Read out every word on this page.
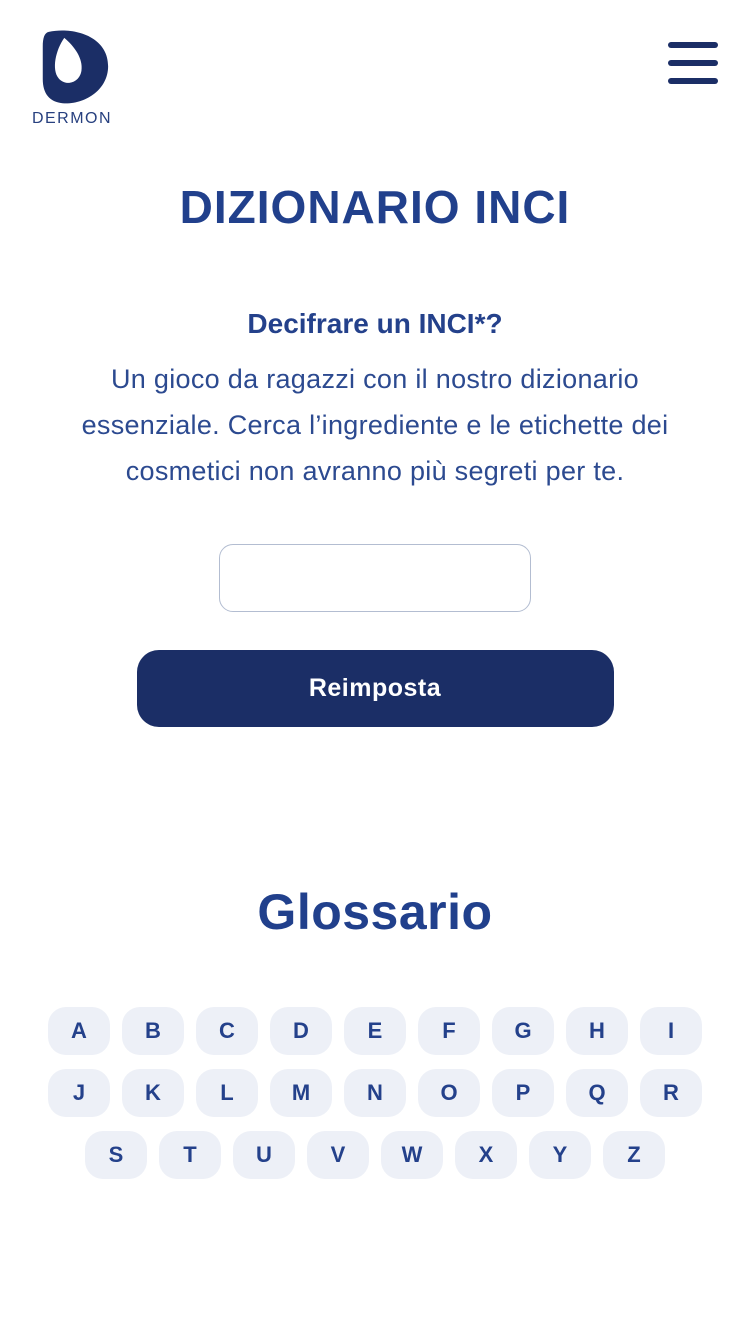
DERMON
DIZIONARIO INCI
Decifrare un INCI*?

Un gioco da ragazzi con il nostro dizionario essenziale. Cerca l’ingrediente e le etichette dei cosmetici non avranno più segreti per te.

Reimposta
Glossario
A	B	C	D	E	F	G	H	I
J	K	L	M	N	O	P	Q	R
S	T	U	V	W	X	Y	Z
